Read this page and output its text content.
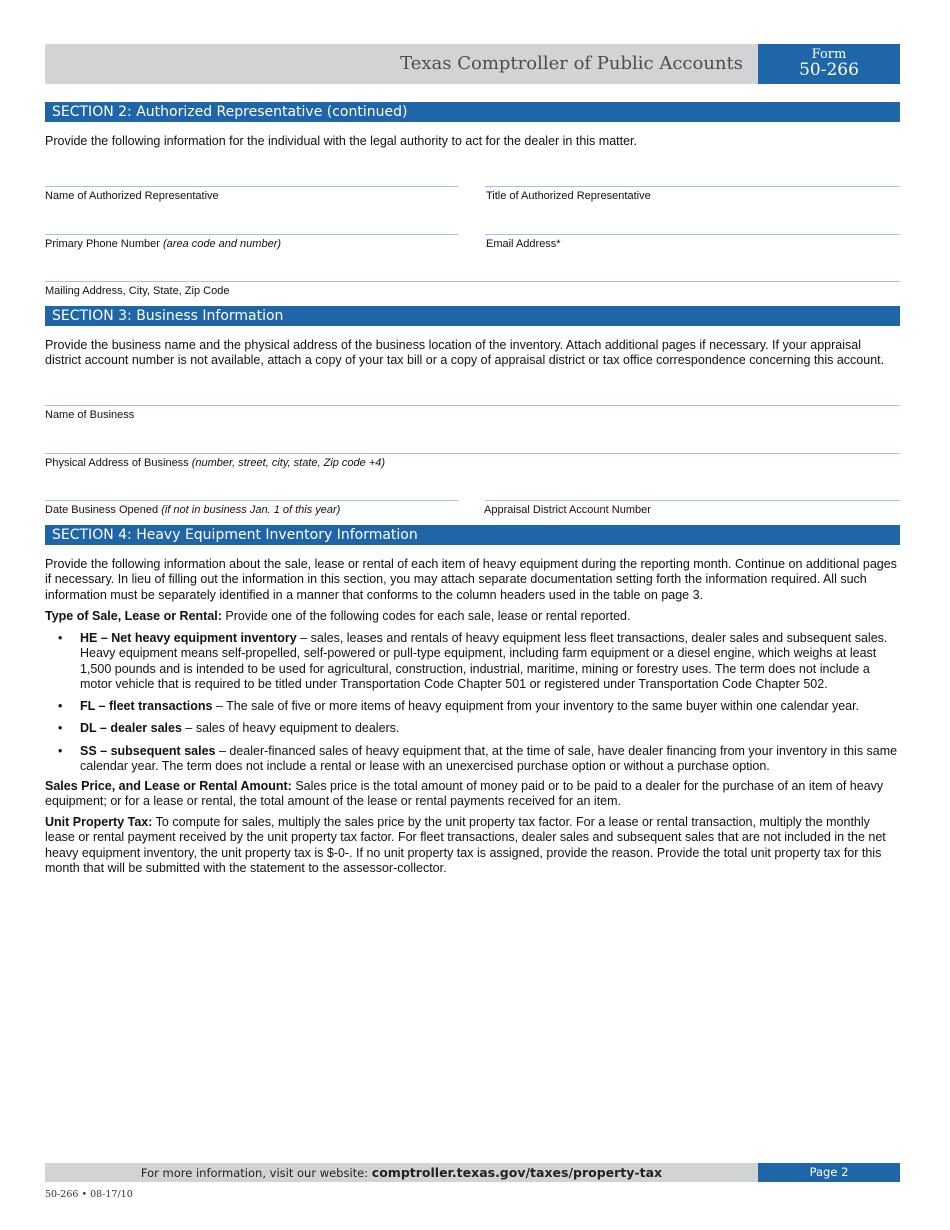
Texas Comptroller of Public Accounts	Form
50-266
SECTION 2: Authorized Representative (continued)
Provide the following information for the individual with the legal authority to act for the dealer in this matter.
Name of Authorized Representative	Title of Authorized Representative
Primary Phone Number (area code and number)	Email Address*
Mailing Address, City, State, Zip Code
SECTION 3: Business Information
Provide the business name and the physical address of the business location of the inventory. Attach additional pages if necessary. If your appraisal district account number is not available, attach a copy of your tax bill or a copy of appraisal district or tax office correspondence concerning this account.
Name of Business
Physical Address of Business (number, street, city, state, Zip code +4)
Date Business Opened (if not in business Jan. 1 of this year)	Appraisal District Account Number
SECTION 4: Heavy Equipment Inventory Information
Provide the following information about the sale, lease or rental of each item of heavy equipment during the reporting month. Continue on additional pages if necessary. In lieu of filling out the information in this section, you may attach separate documentation setting forth the information required. All such information must be separately identified in a manner that conforms to the column headers used in the table on page 3.
Type of Sale, Lease or Rental: Provide one of the following codes for each sale, lease or rental reported.
• HE – Net heavy equipment inventory – sales, leases and rentals of heavy equipment less fleet transactions, dealer sales and subsequent sales. Heavy equipment means self-propelled, self-powered or pull-type equipment, including farm equipment or a diesel engine, which weighs at least 1,500 pounds and is intended to be used for agricultural, construction, industrial, maritime, mining or forestry uses. The term does not include a motor vehicle that is required to be titled under Transportation Code Chapter 501 or registered under Transportation Code Chapter 502.
• FL – fleet transactions – The sale of five or more items of heavy equipment from your inventory to the same buyer within one calendar year.
• DL – dealer sales – sales of heavy equipment to dealers.
• SS – subsequent sales – dealer-financed sales of heavy equipment that, at the time of sale, have dealer financing from your inventory in this same calendar year. The term does not include a rental or lease with an unexercised purchase option or without a purchase option.
Sales Price, and Lease or Rental Amount: Sales price is the total amount of money paid or to be paid to a dealer for the purchase of an item of heavy equipment; or for a lease or rental, the total amount of the lease or rental payments received for an item.
Unit Property Tax: To compute for sales, multiply the sales price by the unit property tax factor. For a lease or rental transaction, multiply the monthly lease or rental payment received by the unit property tax factor. For fleet transactions, dealer sales and subsequent sales that are not included in the net heavy equipment inventory, the unit property tax is $-0-. If no unit property tax is assigned, provide the reason. Provide the total unit property tax for this month that will be submitted with the statement to the assessor-collector.
For more information, visit our website: comptroller.texas.gov/taxes/property-tax	Page 2
50-266 • 08-17/10
